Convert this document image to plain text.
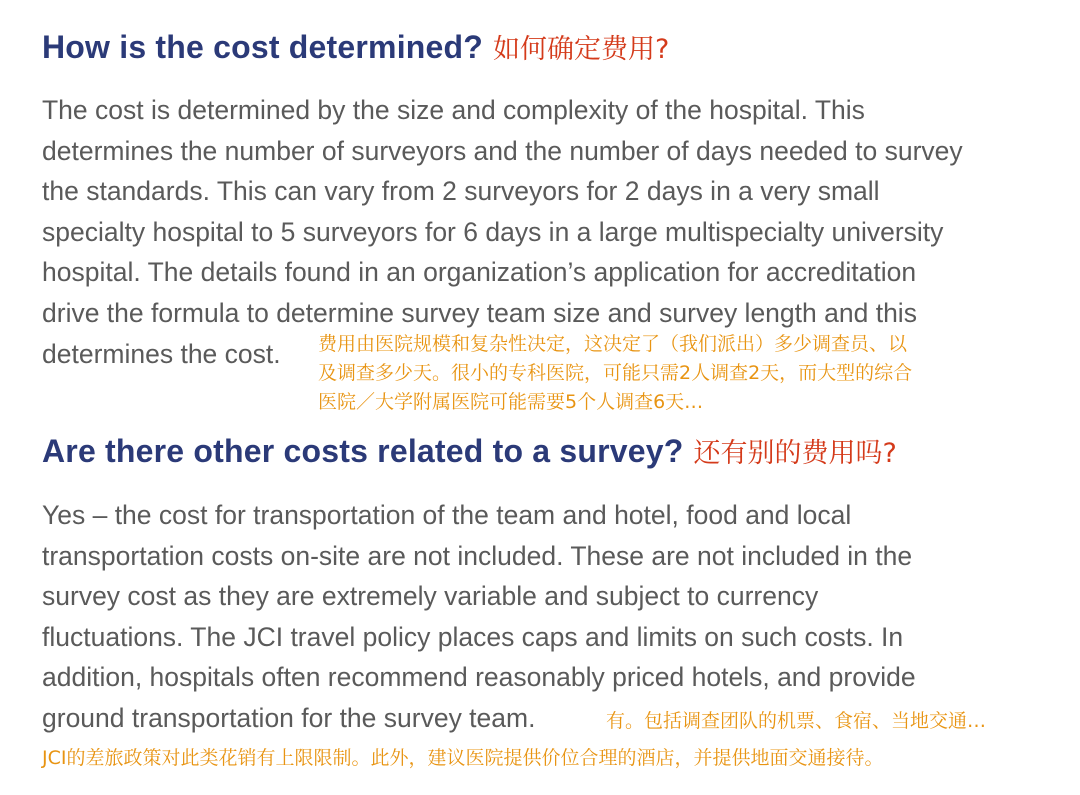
How is the cost determined? 如何确定费用?

The cost is determined by the size and complexity of the hospital. This
determines the number of surveyors and the number of days needed to survey
the standards. This can vary from 2 surveyors for 2 days in a very small
specialty hospital to 5 surveyors for 6 days in a large multispecialty university
hospital. The details found in an organization’s application for accreditation
drive the formula to determine survey team size and survey length and this
determines the cost.	费用由医院规模和复杂性决定，这决定了（我们派出）多少调查员、以
及调查多少天。很小的专科医院，可能只需2人调查2天，而大型的综合
医院／大学附属医院可能需要5个人调查6天…

Are there other costs related to a survey? 还有别的费用吗?

Yes – the cost for transportation of the team and hotel, food and local
transportation costs on-site are not included. These are not included in the
survey cost as they are extremely variable and subject to currency
fluctuations. The JCI travel policy places caps and limits on such costs. In
addition, hospitals often recommend reasonably priced hotels, and provide
ground transportation for the survey team.	有。包括调查团队的机票、食宿、当地交通…

JCI的差旅政策对此类花销有上限限制。此外，建议医院提供价位合理的酒店，并提供地面交通接待。
